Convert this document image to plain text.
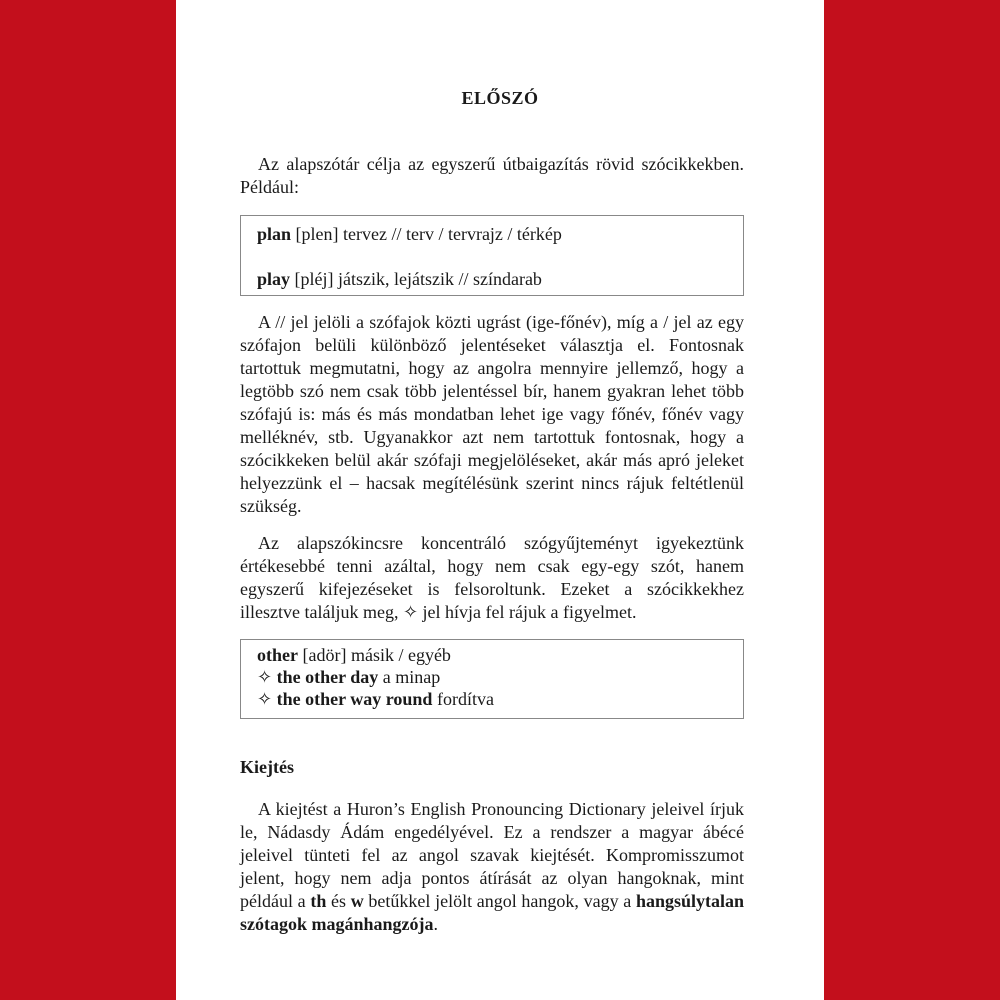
ELŐSZÓ

Az alapszótár célja az egyszerű útbaigazítás rövid szócikkekben. Például:

plan [plen] tervez // terv / tervrajz / térkép
play [pléj] játszik, lejátszik // színdarab

A // jel jelöli a szófajok közti ugrást (ige-főnév), míg a / jel az egy szófajon belüli különböző jelentéseket választja el. Fontosnak tartottuk megmutatni, hogy az angolra mennyire jellemző, hogy a legtöbb szó nem csak több jelentéssel bír, hanem gyakran lehet több szófajú is: más és más mondatban lehet ige vagy főnév, főnév vagy melléknév, stb. Ugyanakkor azt nem tartottuk fontosnak, hogy a szócikkeken belül akár szófaji megjelöléseket, akár más apró jeleket helyezzünk el – hacsak megítélésünk szerint nincs rájuk feltétlenül szükség.

Az alapszókincsre koncentráló szógyűjteményt igyekeztünk értékesebbé tenni azáltal, hogy nem csak egy-egy szót, hanem egyszerű kifejezéseket is felsoroltunk. Ezeket a szócikkekhez illesztve találjuk meg, ✧ jel hívja fel rájuk a figyelmet.

other [adör] másik / egyéb
✧ the other day a minap
✧ the other way round fordítva
Kiejtés

A kiejtést a Huron’s English Pronouncing Dictionary jeleivel írjuk le, Nádasdy Ádám engedélyével. Ez a rendszer a magyar ábécé jeleivel tünteti fel az angol szavak kiejtését. Kompromisszumot jelent, hogy nem adja pontos átírását az olyan hangoknak, mint például a th és w betűkkel jelölt angol hangok, vagy a hangsúlytalan szótagok magánhangzója.
